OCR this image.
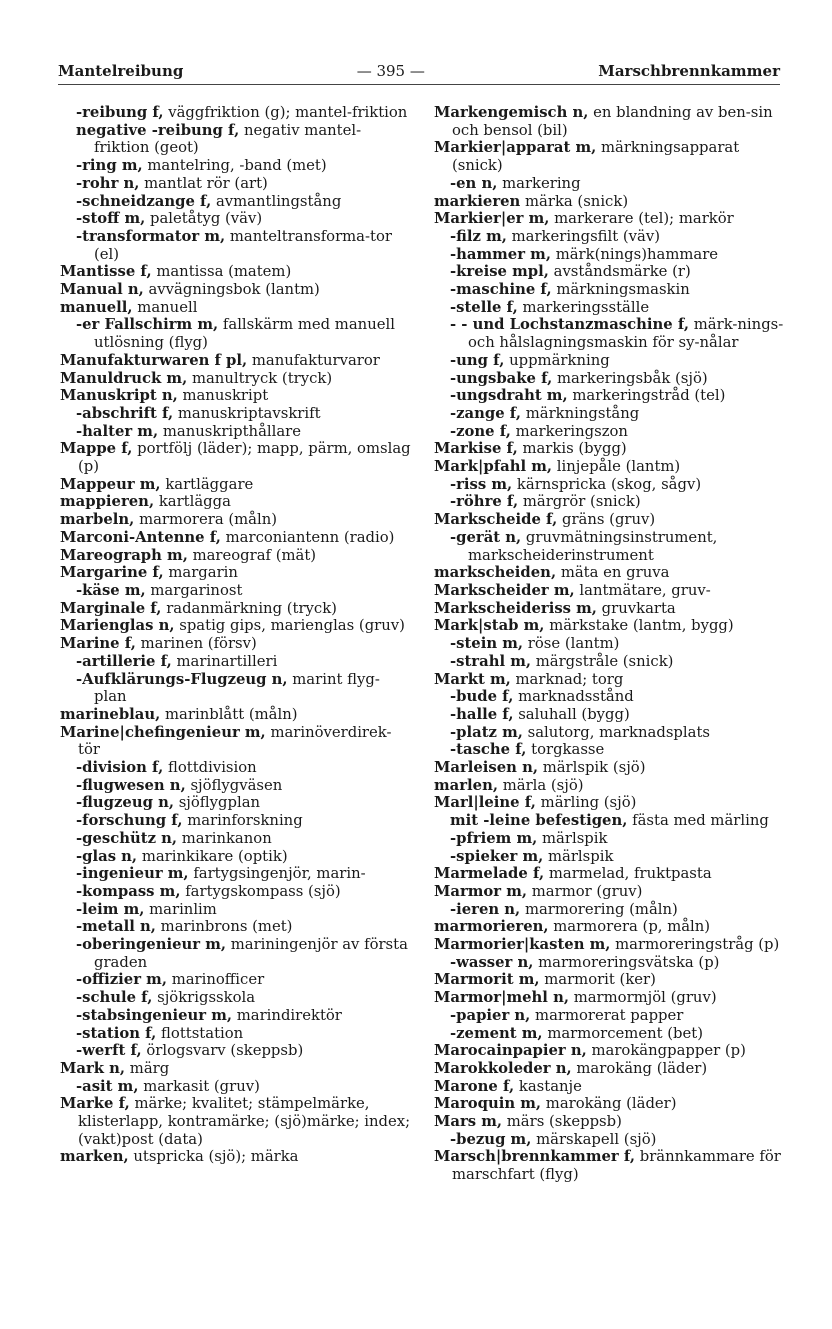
Mantelreibung	— 395 —	Marschbrennkammer

-reibung f, väggfriktion (g); mantel-friktion

negative -reibung f, negativ mantel-friktion (geot)

-ring m, mantelring, -band (met)

-rohr n, mantlat rör (art)

-schneidzange f, avmantlingstång

-stoff m, paletåtyg (väv)

-transformator m, manteltransforma-tor (el)

Mantisse f, mantissa (matem)

Manual n, avvägningsbok (lantm)

manuell, manuell

-er Fallschirm m, fallskärm med manuell utlösning (flyg)

Manufakturwaren f pl, manufakturvaror

Manuldruck m, manultryck (tryck)

Manuskript n, manuskript

-abschrift f, manuskriptavskrift

-halter m, manuskripthållare

Mappe f, portfölj (läder); mapp, pärm, omslag (p)

Mappeur m, kartläggare

mappieren, kartlägga

marbeln, marmorera (måln)

Marconi-Antenne f, marconiantenn (radio)

Mareograph m, mareograf (mät)

Margarine f, margarin

-käse m, margarinost

Marginale f, radanmärkning (tryck)

Marienglas n, spatig gips, marienglas (gruv)

Marine f, marinen (försv)

-artillerie f, marinartilleri

-Aufklärungs-Flugzeug n, marint flyg-plan

marineblau, marinblått (måln)

Marine|chefingenieur m, marinöverdirek-tör

-division f, flottdivision

-flugwesen n, sjöflygväsen

-flugzeug n, sjöflygplan

-forschung f, marinforskning

-geschütz n, marinkanon

-glas n, marinkikare (optik)

-ingenieur m, fartygsingenjör, marin-

-kompass m, fartygskompass (sjö)

-leim m, marinlim

-metall n, marinbrons (met)

-oberingenieur m, mariningenjör av första graden

-offizier m, marinofficer

-schule f, sjökrigsskola

-stabsingenieur m, marindirektör

-station f, flottstation

-werft f, örlogsvarv (skeppsb)

Mark n, märg

-asit m, markasit (gruv)

Marke f, märke; kvalitet; stämpelmärke, klisterlapp, kontramärke; (sjö)märke; index; (vakt)post (data)

marken, utspricka (sjö); märka

Markengemisch n, en blandning av ben-sin och bensol (bil)

Markier|apparat m, märkningsapparat (snick)

-en n, markering

markieren märka (snick)

Markier|er m, markerare (tel); markör

-filz m, markeringsfilt (väv)

-hammer m, märk(nings)hammare

-kreise mpl, avståndsmärke (r)

-maschine f, märkningsmaskin

-stelle f, markeringsställe

- - und Lochstanzmaschine f, märk-nings- och hålslagningsmaskin för sy-nålar

-ung f, uppmärkning

-ungsbake f, markeringsbåk (sjö)

-ungsdraht m, markeringstråd (tel)

-zange f, märkningstång

-zone f, markeringszon

Markise f, markis (bygg)

Mark|pfahl m, linjepåle (lantm)

-riss m, kärnspricka (skog, sågv)

-röhre f, märgrör (snick)

Markscheide f, gräns (gruv)

-gerät n, gruvmätningsinstrument, markscheiderinstrument

markscheiden, mäta en gruva

Markscheider m, lantmätare, gruv-

Markscheideriss m, gruvkarta

Mark|stab m, märkstake (lantm, bygg)

-stein m, röse (lantm)

-strahl m, märgstråle (snick)

Markt m, marknad; torg

-bude f, marknadsstånd

-halle f, saluhall (bygg)

-platz m, salutorg, marknadsplats

-tasche f, torgkasse

Marleisen n, märlspik (sjö)

marlen, märla (sjö)

Marl|leine f, märling (sjö)

mit -leine befestigen, fästa med märling

-pfriem m, märlspik

-spieker m, märlspik

Marmelade f, marmelad, fruktpasta

Marmor m, marmor (gruv)

-ieren n, marmorering (måln)

marmorieren, marmorera (p, måln)

Marmorier|kasten m, marmoreringstråg (p)

-wasser n, marmoreringsvätska (p)

Marmorit m, marmorit (ker)

Marmor|mehl n, marmormjöl (gruv)

-papier n, marmorerat papper

-zement m, marmorcement (bet)

Marocainpapier n, marokängpapper (p)

Marokkoleder n, marokäng (läder)

Marone f, kastanje

Maroquin m, marokäng (läder)

Mars m, märs (skeppsb)

-bezug m, märskapell (sjö)

Marsch|brennkammer f, brännkammare för marschfart (flyg)
